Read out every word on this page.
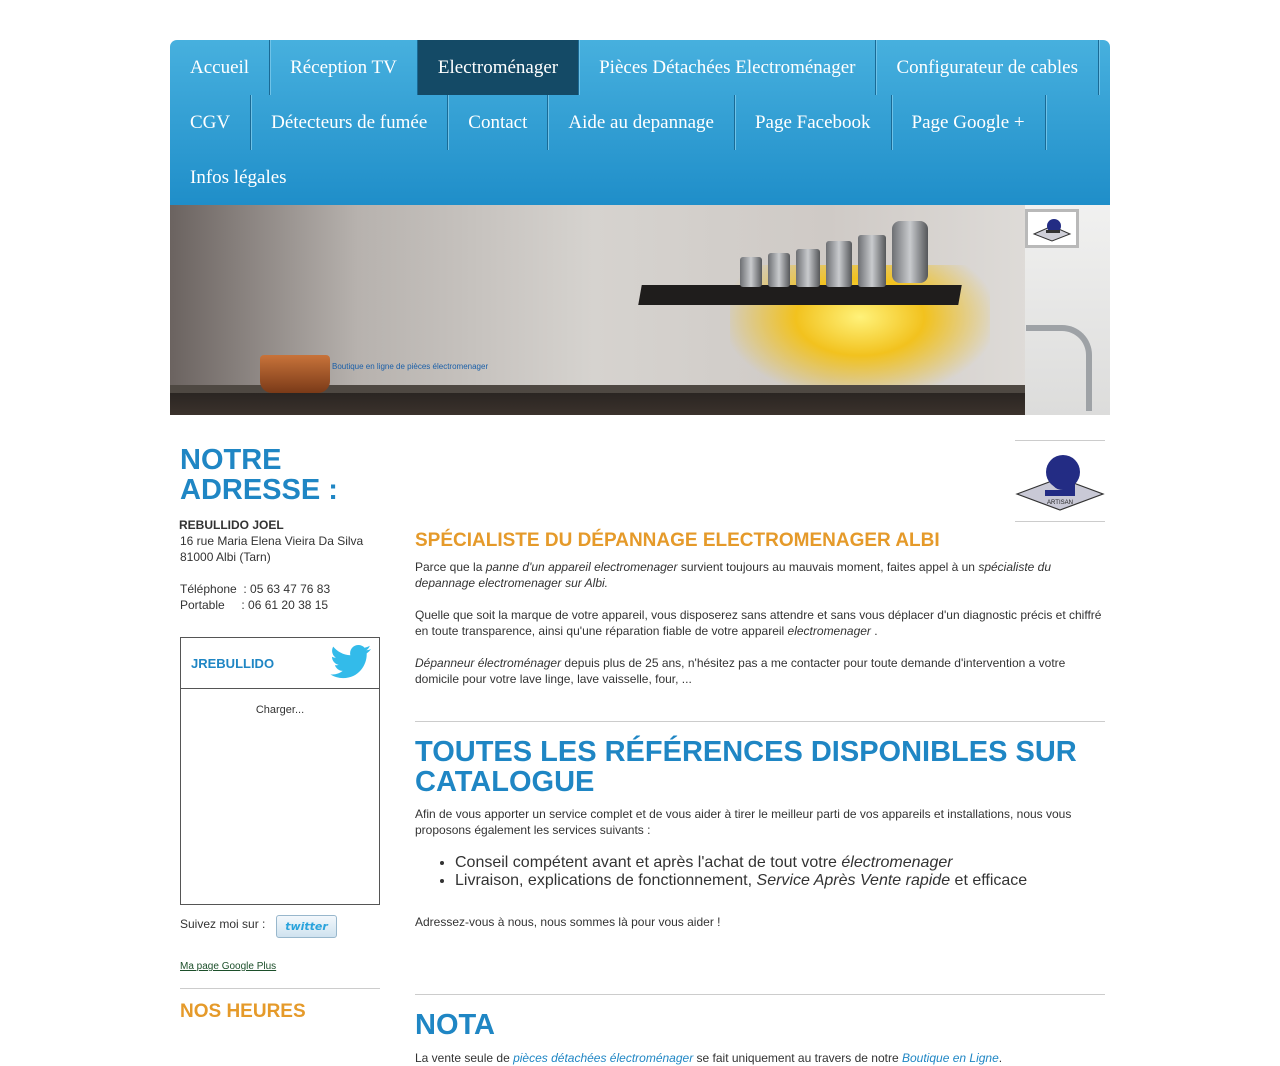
Accueil	Réception TV	Electroménager	Pièces Détachées Electroménager	Configurateur de cables
CGV	Détecteurs de fumée	Contact	Aide au depannage	Page Facebook	Page Google +
Infos légales
Boutique en ligne de pièces électromenager
NOTRE ADRESSE :
REBULLIDO JOEL
16 rue Maria Elena Vieira Da Silva
81000 Albi (Tarn)
Téléphone  : 05 63 47 76 83
Portable     : 06 61 20 38 15
JREBULLIDO
Charger...
Suivez moi sur : twitter
Ma page Google Plus
NOS HEURES
ARTISAN
SPÉCIALISTE DU DÉPANNAGE ELECTROMENAGER ALBI

Parce que la panne d'un appareil electromenager survient toujours au mauvais moment, faites appel à un spécialiste du depannage electromenager sur Albi.

Quelle que soit la marque de votre appareil, vous disposerez sans attendre et sans vous déplacer d'un diagnostic précis et chiffré en toute transparence, ainsi qu'une réparation fiable de votre appareil electromenager .

Dépanneur électroménager depuis plus de 25 ans, n'hésitez pas a me contacter pour toute demande d'intervention a votre domicile pour votre lave linge, lave vaisselle, four, ...

TOUTES LES RÉFÉRENCES DISPONIBLES SUR CATALOGUE

Afin de vous apporter un service complet et de vous aider à tirer le meilleur parti de vos appareils et installations, nous vous proposons également les services suivants :

• Conseil compétent avant et après l'achat de tout votre électromenager
• Livraison, explications de fonctionnement, Service Après Vente rapide et efficace

Adressez-vous à nous, nous sommes là pour vous aider !

NOTA

La vente seule de pièces détachées électroménager se fait uniquement au travers de notre Boutique en Ligne.
